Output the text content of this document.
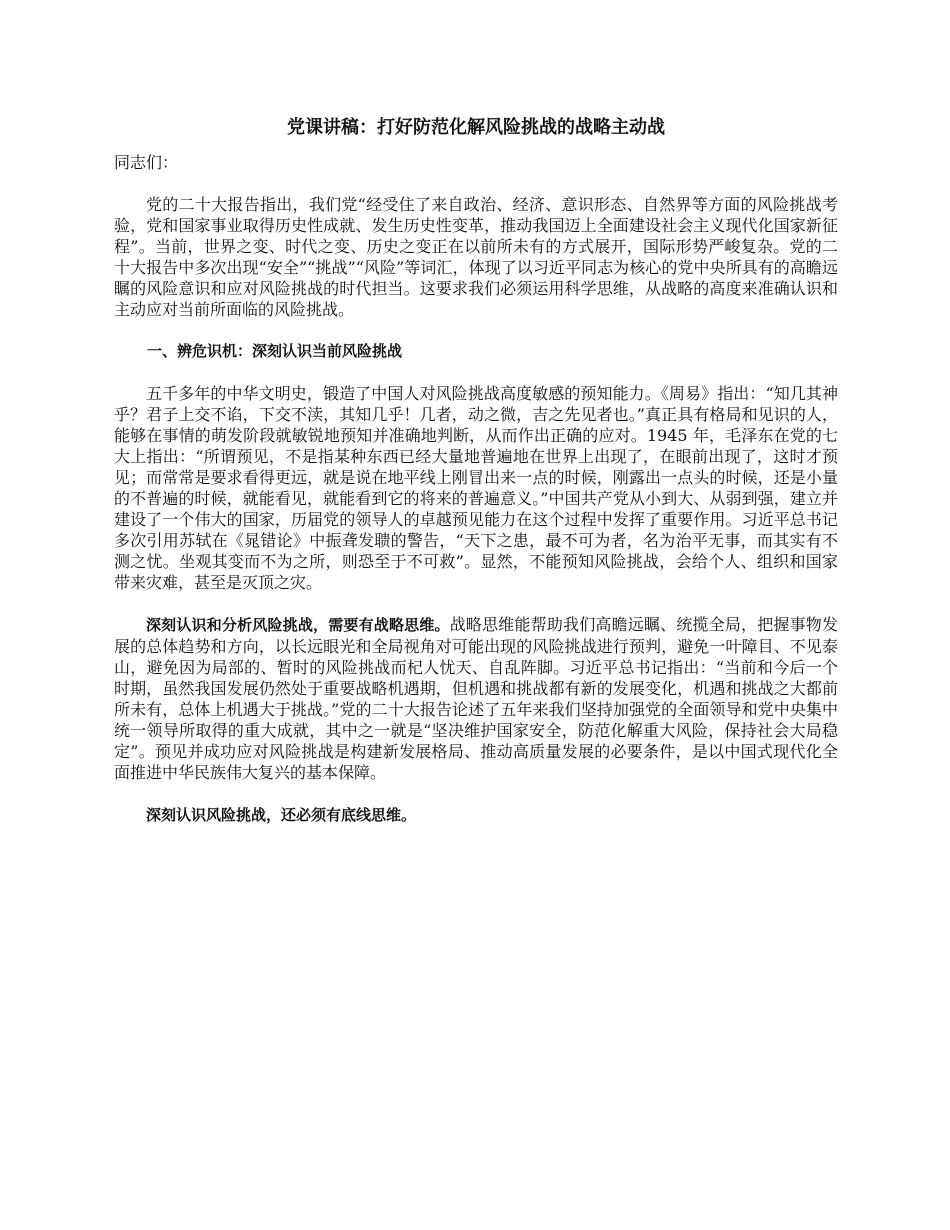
党课讲稿：打好防范化解风险挑战的战略主动战
同志们：

党的二十大报告指出，我们党“经受住了来自政治、经济、意识形态、自然界等方面的风险挑战考验，党和国家事业取得历史性成就、发生历史性变革，推动我国迈上全面建设社会主义现代化国家新征程”。当前，世界之变、时代之变、历史之变正在以前所未有的方式展开，国际形势严峻复杂。党的二十大报告中多次出现“安全”“挑战”“风险”等词汇，体现了以习近平同志为核心的党中央所具有的高瞻远瞩的风险意识和应对风险挑战的时代担当。这要求我们必须运用科学思维，从战略的高度来准确认识和主动应对当前所面临的风险挑战。

一、辨危识机：深刻认识当前风险挑战

五千多年的中华文明史，锻造了中国人对风险挑战高度敏感的预知能力。《周易》指出：“知几其神乎？君子上交不谄，下交不渎，其知几乎！几者，动之微，吉之先见者也。”真正具有格局和见识的人，能够在事情的萌发阶段就敏锐地预知并准确地判断，从而作出正确的应对。1945 年，毛泽东在党的七大上指出：“所谓预见，不是指某种东西已经大量地普遍地在世界上出现了，在眼前出现了，这时才预见；而常常是要求看得更远，就是说在地平线上刚冒出来一点的时候，刚露出一点头的时候，还是小量的不普遍的时候，就能看见，就能看到它的将来的普遍意义。”中国共产党从小到大、从弱到强，建立并建设了一个伟大的国家，历届党的领导人的卓越预见能力在这个过程中发挥了重要作用。习近平总书记多次引用苏轼在《晁错论》中振聋发聩的警告，“天下之患，最不可为者，名为治平无事，而其实有不测之忧。坐观其变而不为之所，则恐至于不可救”。显然，不能预知风险挑战，会给个人、组织和国家带来灾难，甚至是灭顶之灾。

深刻认识和分析风险挑战，需要有战略思维。战略思维能帮助我们高瞻远瞩、统揽全局，把握事物发展的总体趋势和方向，以长远眼光和全局视角对可能出现的风险挑战进行预判，避免一叶障目、不见泰山，避免因为局部的、暂时的风险挑战而杞人忧天、自乱阵脚。习近平总书记指出：“当前和今后一个时期，虽然我国发展仍然处于重要战略机遇期，但机遇和挑战都有新的发展变化，机遇和挑战之大都前所未有，总体上机遇大于挑战。”党的二十大报告论述了五年来我们坚持加强党的全面领导和党中央集中统一领导所取得的重大成就，其中之一就是“坚决维护国家安全，防范化解重大风险，保持社会大局稳定”。预见并成功应对风险挑战是构建新发展格局、推动高质量发展的必要条件，是以中国式现代化全面推进中华民族伟大复兴的基本保障。

深刻认识风险挑战，还必须有底线思维。
